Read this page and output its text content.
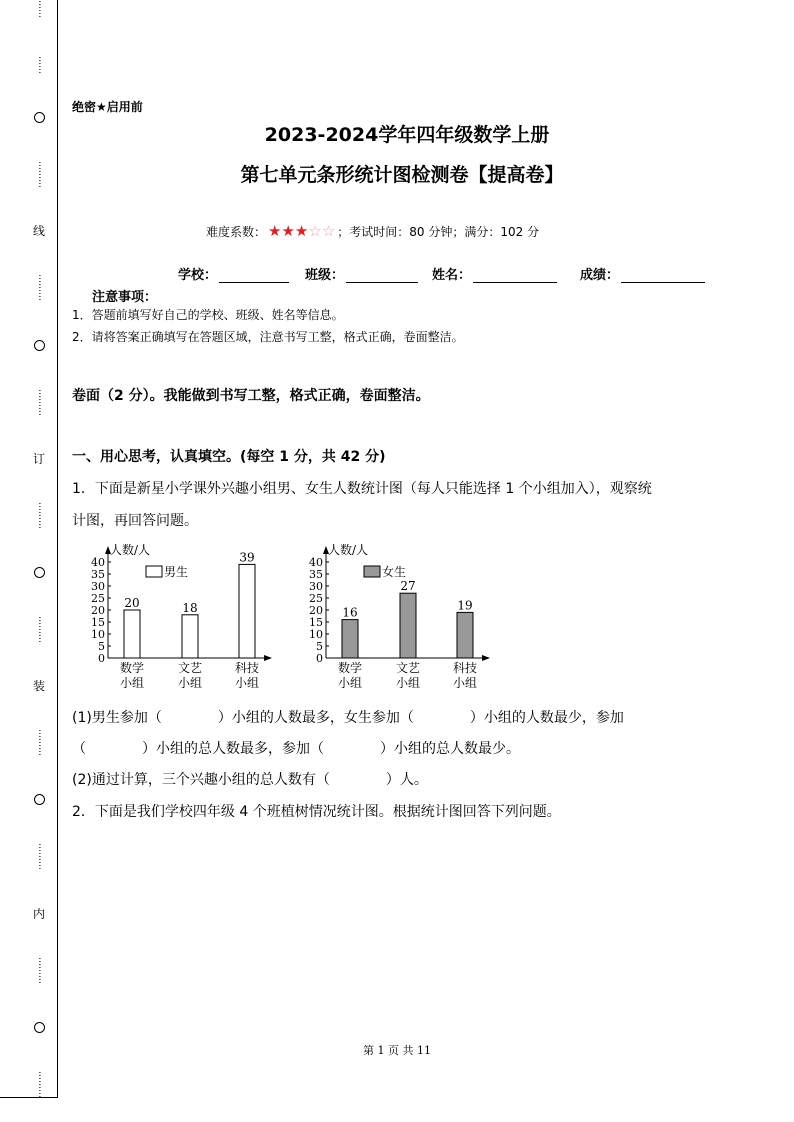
⋯⋯
⋯⋯
⋯⋯⋯
线
⋯⋯⋯
⋯⋯⋯
订
⋯⋯⋯
⋯⋯⋯
装
⋯⋯⋯
⋯⋯⋯
内
⋯⋯⋯
⋯⋯⋯
绝密★启用前
2023-2024学年四年级数学上册
第七单元条形统计图检测卷【提高卷】
难度系数： ★ ★ ★ ☆ ☆ ；考试时间：80 分钟；满分：102 分
学校：	班级：	姓名：	成绩：
注意事项：
1．答题前填写好自己的学校、班级、姓名等信息。
2．请将答案正确填写在答题区域，注意书写工整，格式正确，卷面整洁。
卷面（2 分）。我能做到书写工整，格式正确，卷面整洁。
一、用心思考，认真填空。(每空 1 分，共 42 分)
1．下面是新星小学课外兴趣小组男、女生人数统计图（每人只能选择 1 个小组加入），观察统
计图，再回答问题。
人数/人
0
5
10
15
20
25
30
35
40
男生
20
数学
小组
18
文艺
小组
39
科技
小组
人数/人
0
5
10
15
20
25
30
35
40
女生
16
数学
小组
27
文艺
小组
19
科技
小组
(1)男生参加（　　　　）小组的人数最多，女生参加（　　　　）小组的人数最少，参加
（　　　　）小组的总人数最多，参加（　　　　）小组的总人数最少。
(2)通过计算，三个兴趣小组的总人数有（　　　　）人。
2．下面是我们学校四年级 4 个班植树情况统计图。根据统计图回答下列问题。
第 1 页 共 11
